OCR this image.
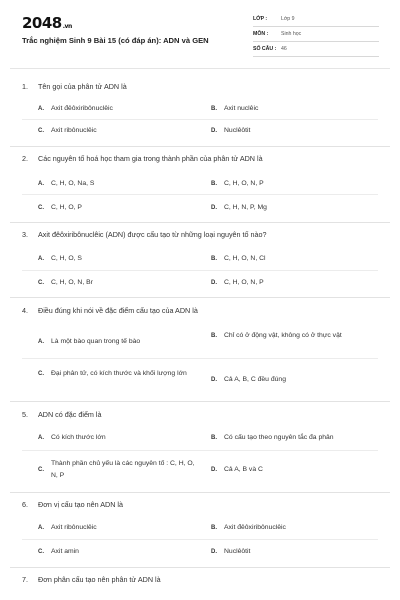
2048.vn
Trắc nghiệm Sinh 9 Bài 15 (có đáp án): ADN và GEN
LỚP :	Lớp 9
MÔN : Sinh học
SỐ CÂU : 46
1. Tên gọi của phân tử ADN là
A.	Axit đêôxiribônuclêic	B.	Axit nuclêic
C.	Axit ribônuclêic	D.	Nuclêôtit
2. Các nguyên tố hoá học tham gia trong thành phần của phân tử ADN là
A.	C, H, O, Na, S	B.	C, H, O, N, P
C.	C, H, O, P	D.	C, H, N, P, Mg
3. Axit đêôxiribônuclêic (ADN) được cấu tạo từ những loại nguyên tố nào?
A.	C, H, O, S	B.	C, H, O, N, Cl
C.	C, H, O, N, Br	D.	C, H, O, N, P
4. Điều đúng khi nói về đặc điểm cấu tạo của ADN là
A.	Là một bào quan trong tế bào
B.	Chỉ có ở động vật, không có ở thực vật
C.	Đại phân tử, có kích thước và khối lượng lớn
D.	Cả A, B, C đều đúng
5. ADN có đặc điểm là
A.	Có kích thước lớn	B.	Có cấu tạo theo nguyên tắc đa phân
C.
Thành phần chủ yếu là các nguyên tố : C, H, O, N, P
D.	Cả A, B và C
6. Đơn vị cấu tạo nên ADN là
A.	Axit ribônuclêic	B.	Axit đêôxiribônuclêic
C.	Axit amin	D.	Nuclêôtit
7. Đơn phân cấu tạo nên phân tử ADN là
